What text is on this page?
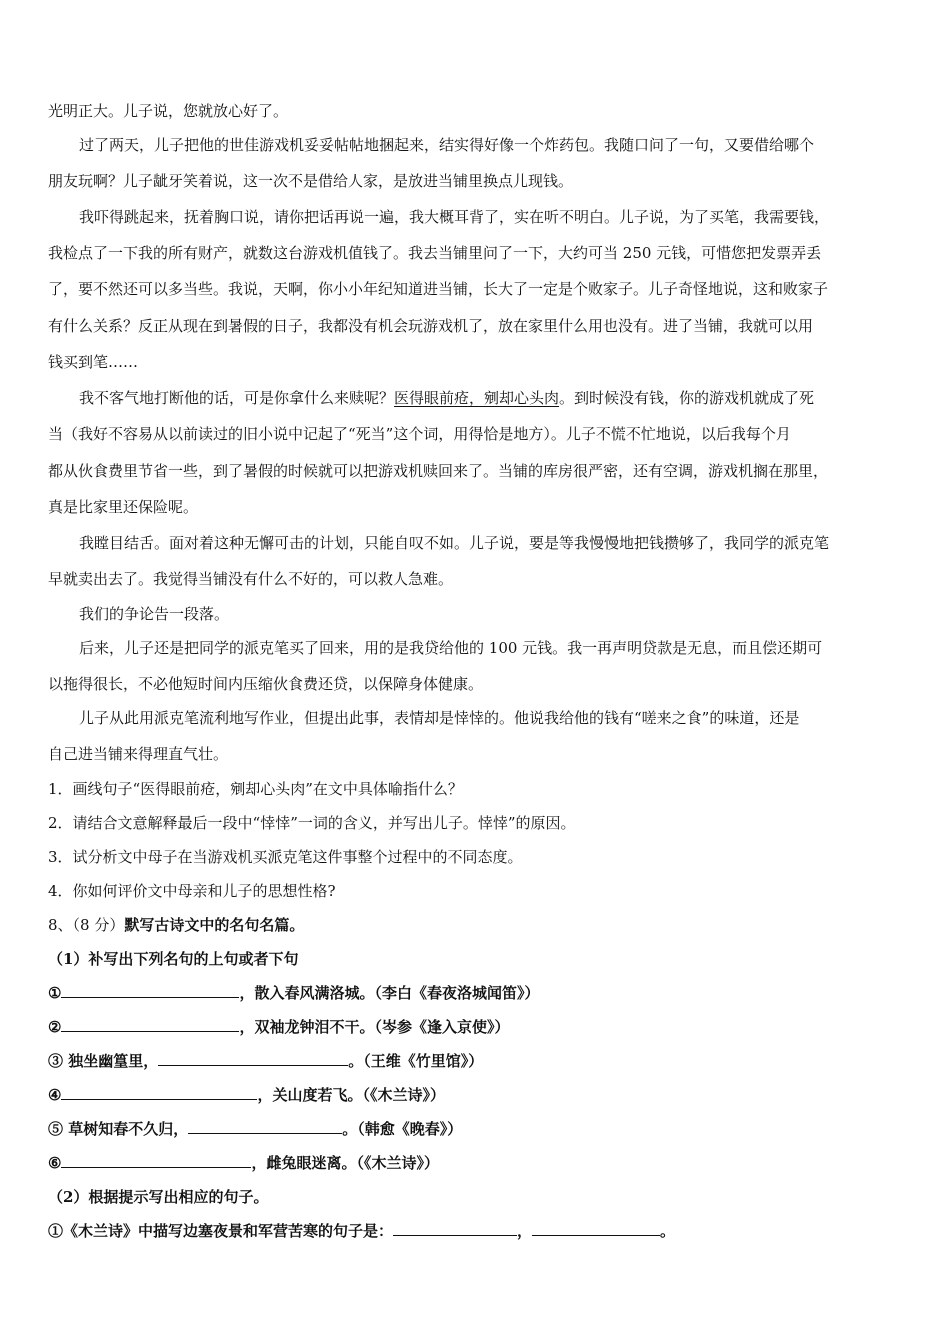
光明正大。儿子说，您就放心好了。
过了两天，儿子把他的世佳游戏机妥妥帖帖地捆起来，结实得好像一个炸药包。我随口问了一句，又要借给哪个
朋友玩啊？儿子龇牙笑着说，这一次不是借给人家，是放进当铺里换点儿现钱。
我吓得跳起来，抚着胸口说，请你把话再说一遍，我大概耳背了，实在听不明白。儿子说，为了买笔，我需要钱，
我检点了一下我的所有财产，就数这台游戏机值钱了。我去当铺里问了一下，大约可当 250 元钱，可惜您把发票弄丢
了，要不然还可以多当些。我说，天啊，你小小年纪知道进当铺，长大了一定是个败家子。儿子奇怪地说，这和败家子
有什么关系？反正从现在到暑假的日子，我都没有机会玩游戏机了，放在家里什么用也没有。进了当铺，我就可以用
钱买到笔……
我不客气地打断他的话，可是你拿什么来赎呢？医得眼前疮，剜却心头肉。到时候没有钱，你的游戏机就成了死
当（我好不容易从以前读过的旧小说中记起了“死当”这个词，用得恰是地方）。儿子不慌不忙地说，以后我每个月
都从伙食费里节省一些，到了暑假的时候就可以把游戏机赎回来了。当铺的库房很严密，还有空调，游戏机搁在那里，
真是比家里还保险呢。
我瞠目结舌。面对着这种无懈可击的计划，只能自叹不如。儿子说，要是等我慢慢地把钱攒够了，我同学的派克笔
早就卖出去了。我觉得当铺没有什么不好的，可以救人急难。
我们的争论告一段落。
后来，儿子还是把同学的派克笔买了回来，用的是我贷给他的 100 元钱。我一再声明贷款是无息，而且偿还期可
以拖得很长，不必他短时间内压缩伙食费还贷，以保障身体健康。
儿子从此用派克笔流利地写作业，但提出此事，表情却是悻悻的。他说我给他的钱有“嗟来之食”的味道，还是
自己进当铺来得理直气壮。
1．画线句子“医得眼前疮，剜却心头肉”在文中具体喻指什么？
2．请结合文意解释最后一段中“悻悻”一词的含义，并写出儿子。悻悻”的原因。
3．试分析文中母子在当游戏机买派克笔这件事整个过程中的不同态度。
4．你如何评价文中母亲和儿子的思想性格?
8、（8 分）默写古诗文中的名句名篇。
（1）补写出下列名句的上句或者下句
①	，散入春风满洛城。（李白《春夜洛城闻笛》）
②	，双袖龙钟泪不干。（岑参《逢入京使》）
③ 独坐幽篁里，	。（王维《竹里馆》）
④	，关山度若飞。（《木兰诗》）
⑤ 草树知春不久归，	。（韩愈《晚春》）
⑥	，雌兔眼迷离。（《木兰诗》）
（2）根据提示写出相应的句子。
①《木兰诗》中描写边塞夜景和军营苦寒的句子是：	，	。
